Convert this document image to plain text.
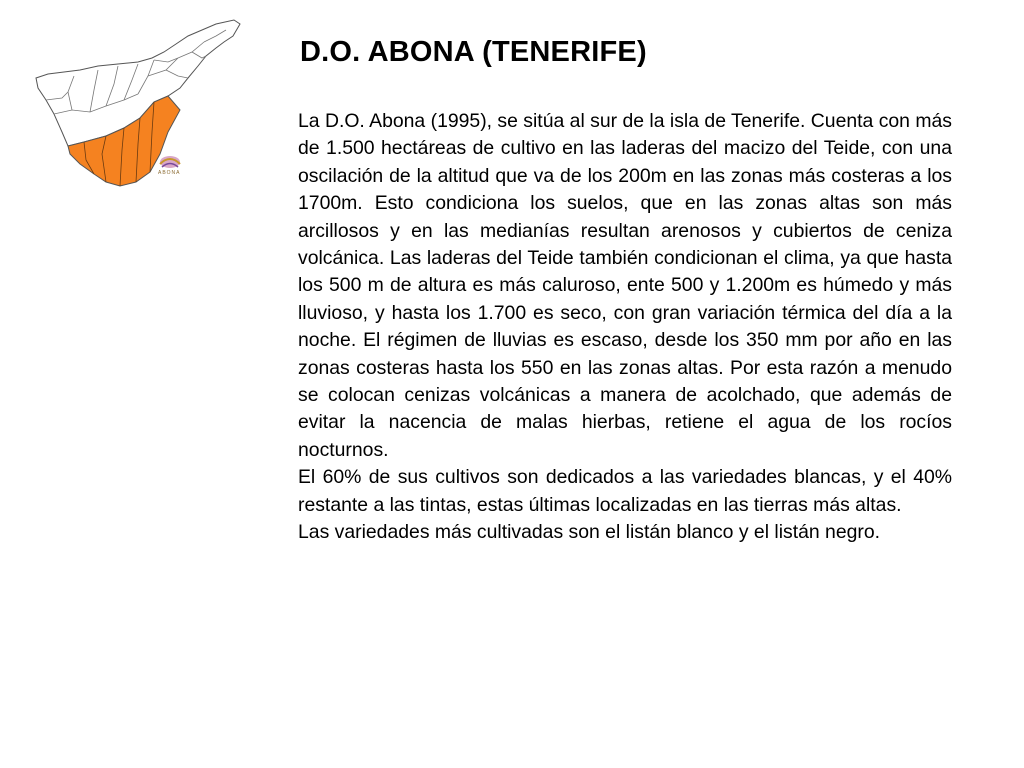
ABONA
D.O. ABONA (TENERIFE)

La D.O. Abona (1995), se sitúa al sur de la isla de Tenerife. Cuenta con más de 1.500 hectáreas de cultivo en las laderas del macizo del Teide, con una oscilación de la altitud que va de los 200m en las zonas más costeras a los 1700m. Esto condiciona los suelos, que en las zonas altas son más arcillosos y en las medianías resultan arenosos y cubiertos de ceniza volcánica. Las laderas del Teide también condicionan el clima, ya que hasta los 500 m de altura es más caluroso, ente 500 y 1.200m es húmedo y más lluvioso, y hasta los 1.700 es seco, con gran variación térmica del día a la noche. El régimen de lluvias es escaso, desde los 350 mm por año en las zonas costeras hasta los 550 en las zonas altas. Por esta razón a menudo se colocan cenizas volcánicas a manera de acolchado, que además de evitar la nacencia de malas hierbas, retiene el agua de los rocíos nocturnos.

El 60% de sus cultivos son dedicados a las variedades blancas, y el 40% restante a las tintas, estas últimas localizadas en las tierras más altas.

Las variedades más cultivadas son el listán blanco y el listán negro.
